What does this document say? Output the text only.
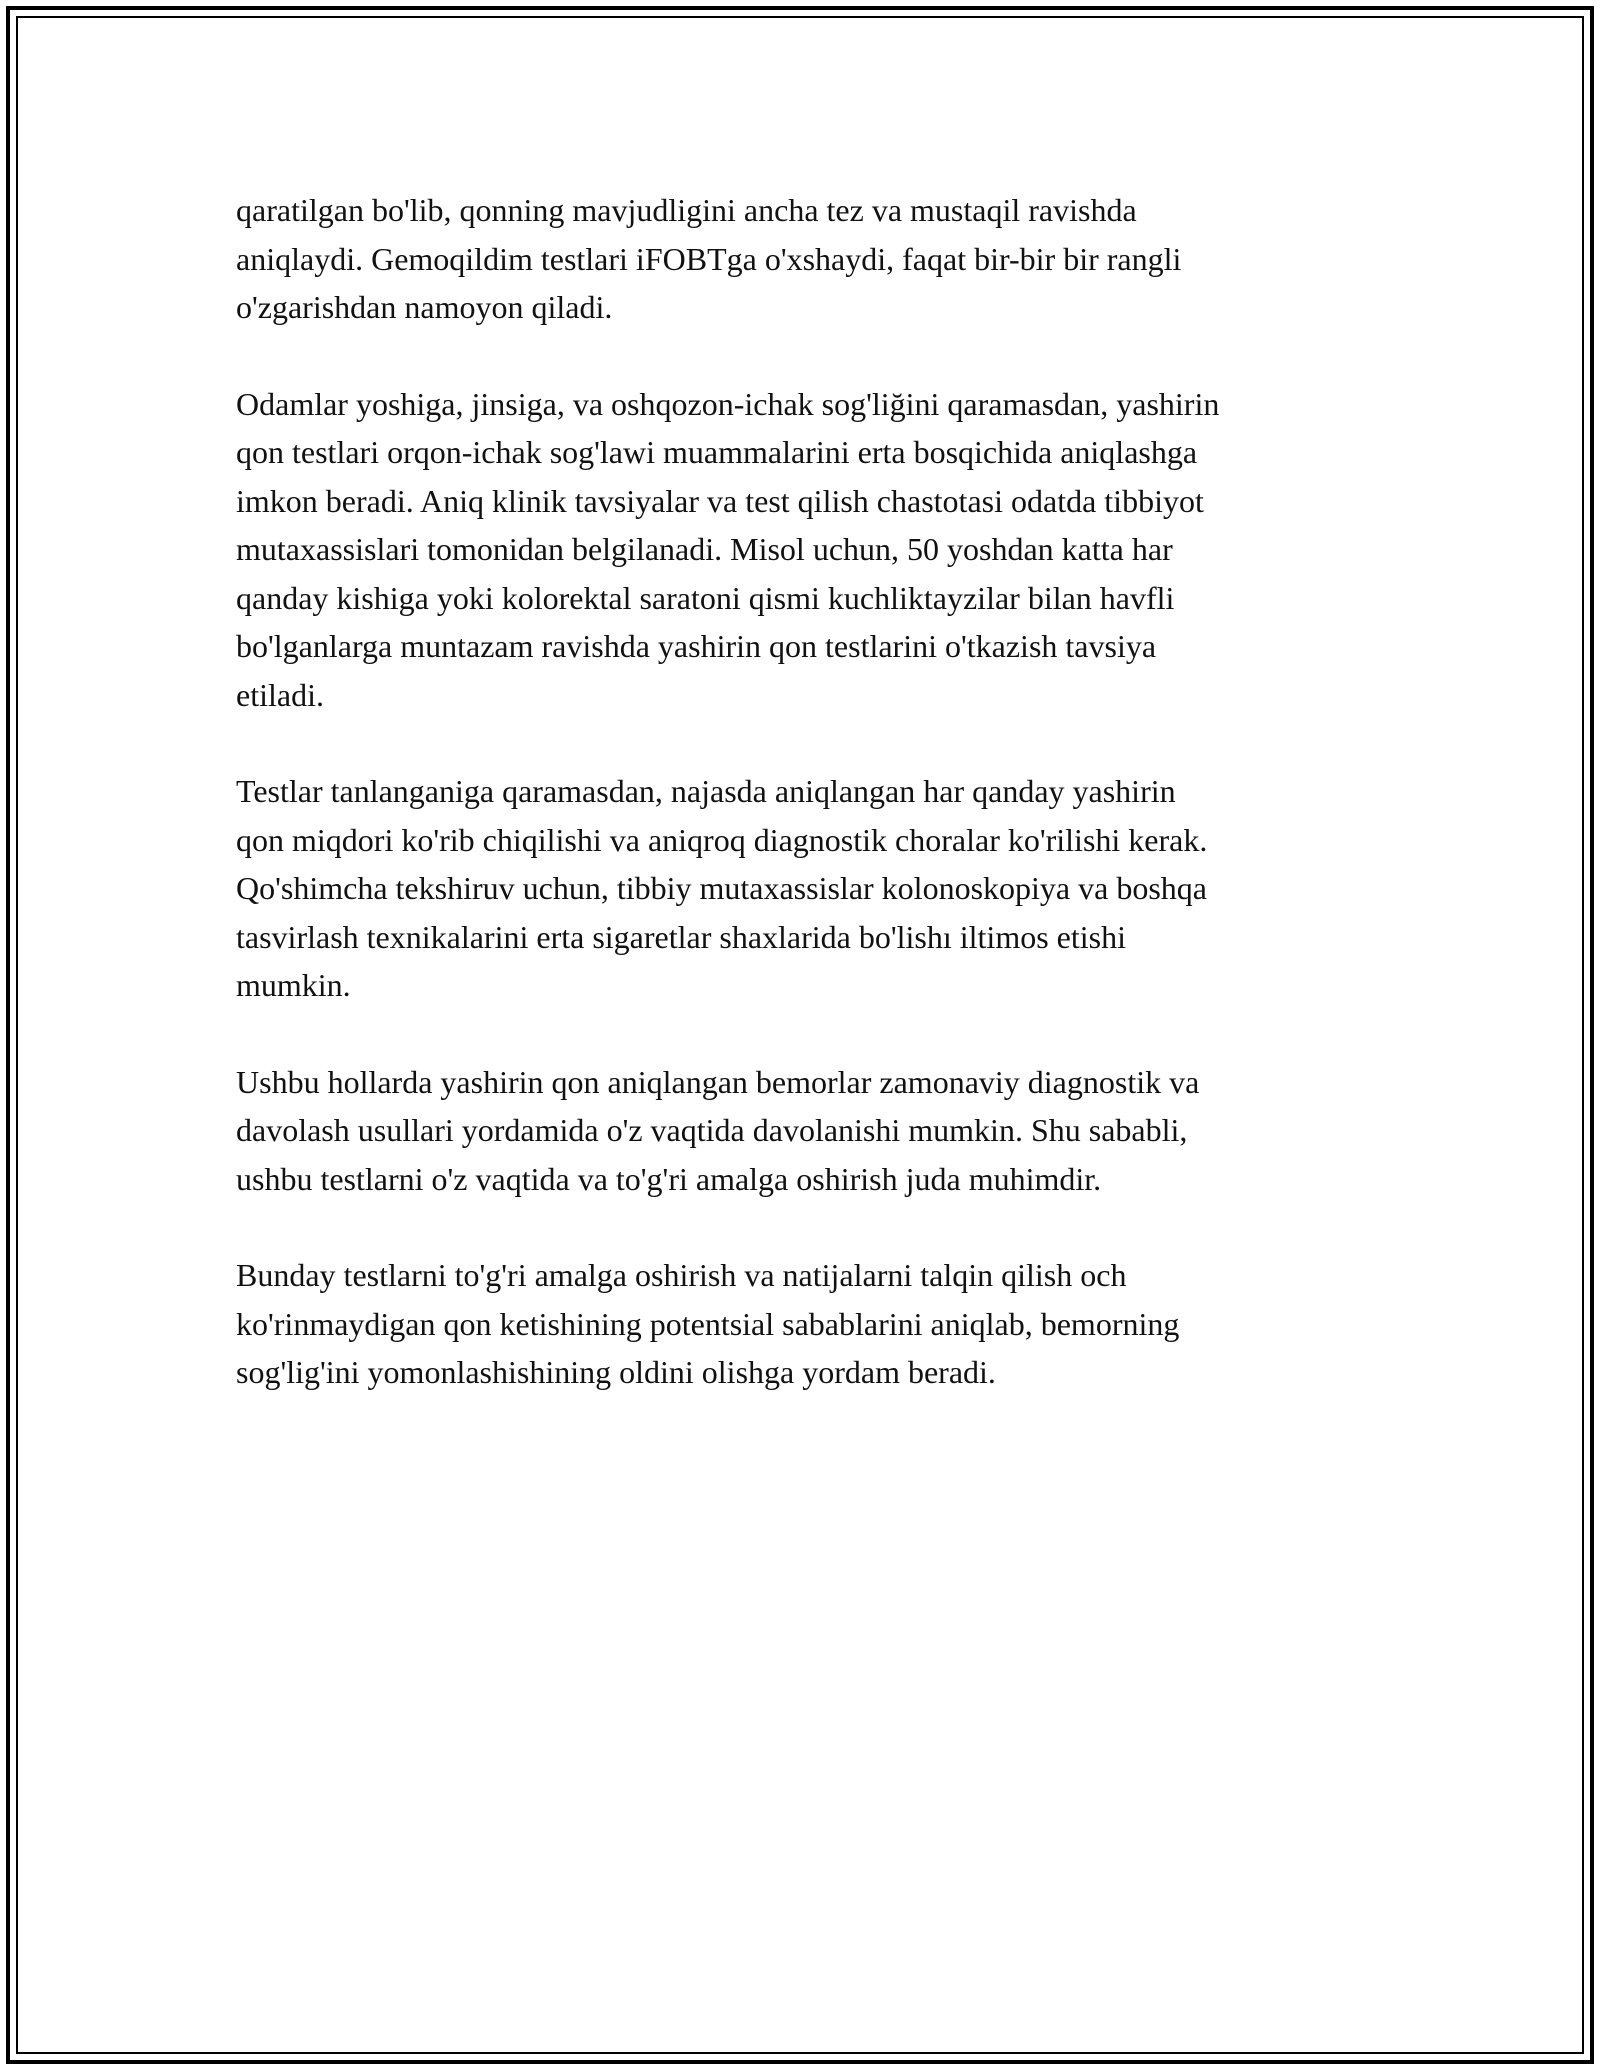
qaratilgan bo'lib, qonning mavjudligini ancha tez va mustaqil ravishda
aniqlaydi. Gemoqildim testlari iFOBTga o'xshaydi, faqat bir-bir bir rangli
o'zgarishdan namoyon qiladi.

Odamlar yoshiga, jinsiga, va oshqozon-ichak sog'liğini qaramasdan, yashirin
qon testlari orqon-ichak sog'lawi muammalarini erta bosqichida aniqlashga
imkon beradi. Aniq klinik tavsiyalar va test qilish chastotasi odatda tibbiyot
mutaxassislari tomonidan belgilanadi. Misol uchun, 50 yoshdan katta har
qanday kishiga yoki kolorektal saratoni qismi kuchliktayzilar bilan havfli
bo'lganlarga muntazam ravishda yashirin qon testlarini o'tkazish tavsiya
etiladi.

Testlar tanlanganiga qaramasdan, najasda aniqlangan har qanday yashirin
qon miqdori ko'rib chiqilishi va aniqroq diagnostik choralar ko'rilishi kerak.
Qo'shimcha tekshiruv uchun, tibbiy mutaxassislar kolonoskopiya va boshqa
tasvirlash texnikalarini erta sigaretlar shaxlarida bo'lishı iltimos etishi
mumkin.

Ushbu hollarda yashirin qon aniqlangan bemorlar zamonaviy diagnostik va
davolash usullari yordamida o'z vaqtida davolanishi mumkin. Shu sababli,
ushbu testlarni o'z vaqtida va to'g'ri amalga oshirish juda muhimdir.

Bunday testlarni to'g'ri amalga oshirish va natijalarni talqin qilish och
ko'rinmaydigan qon ketishining potentsial sabablarini aniqlab, bemorning
sog'lig'ini yomonlashishining oldini olishga yordam beradi.
